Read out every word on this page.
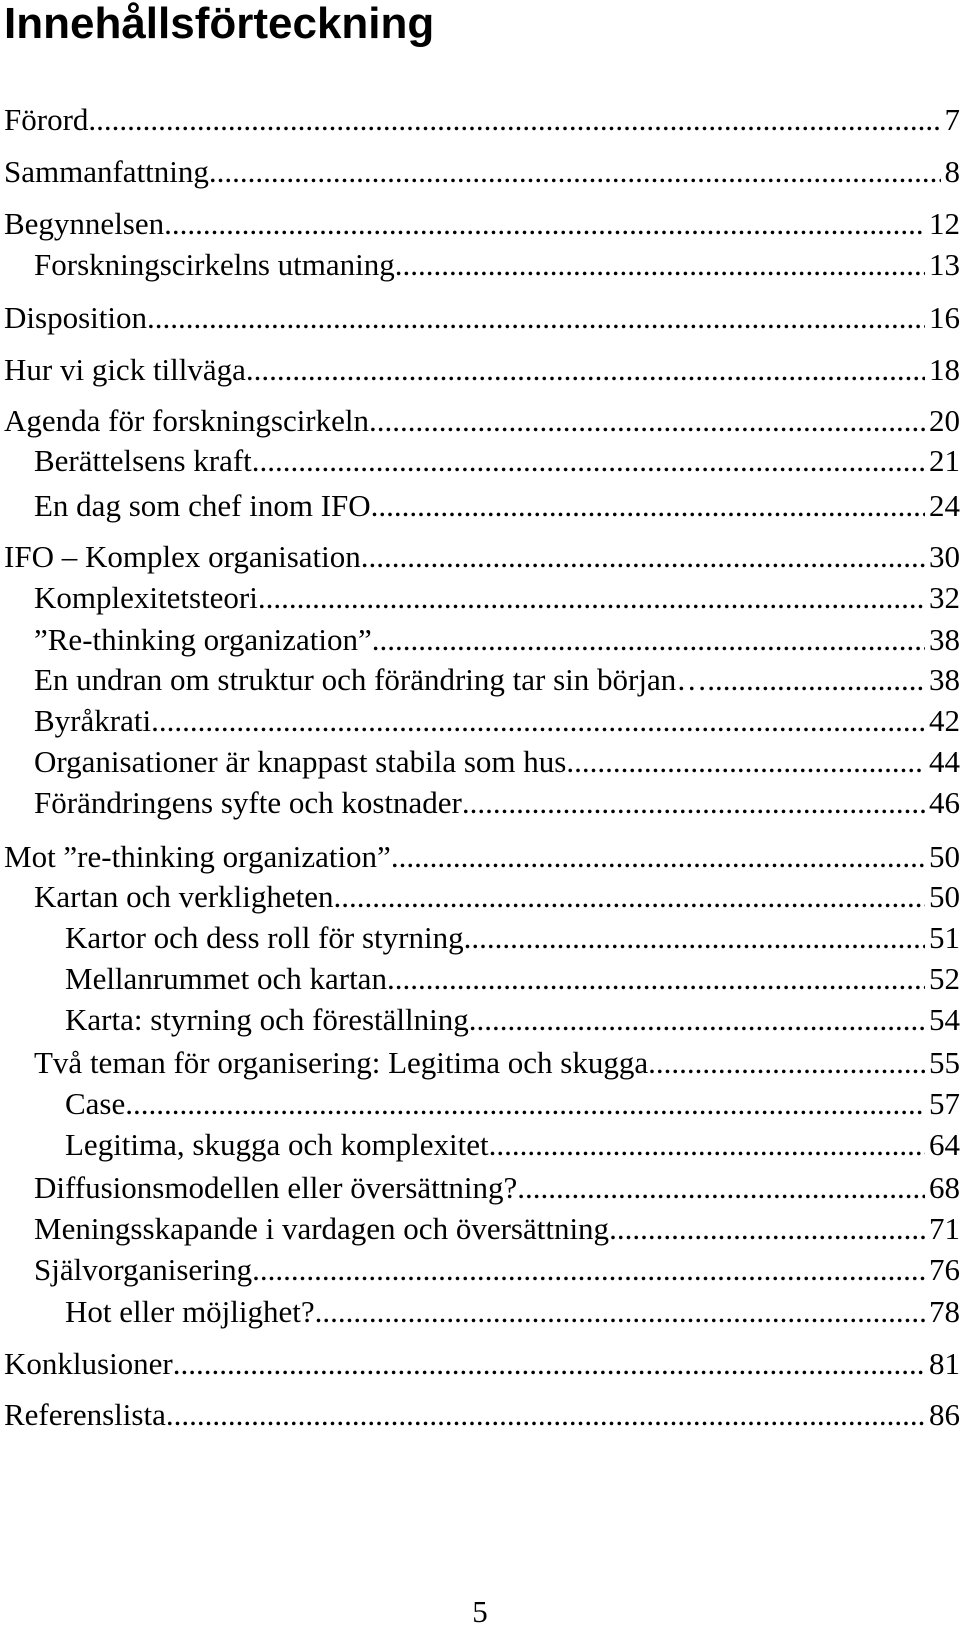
Innehållsförteckning
Förord .....	7
Sammanfattning .....	8
Begynnelsen .....	12
Forskningscirkelns utmaning .....	13
Disposition .....	16
Hur vi gick tillväga .....	18
Agenda för forskningscirkeln .....	20
Berättelsens kraft .....	21
En dag som chef inom IFO .....	24
IFO – Komplex organisation .....	30
Komplexitetsteori .....	32
”Re-thinking organization” .....	38
En undran om struktur och förändring tar sin början… .....	38
Byråkrati .....	42
Organisationer är knappast stabila som hus .....	44
Förändringens syfte och kostnader .....	46
Mot ”re-thinking organization” .....	50
Kartan och verkligheten .....	50
Kartor och dess roll för styrning .....	51
Mellanrummet och kartan .....	52
Karta: styrning och föreställning .....	54
Två teman för organisering: Legitima och skugga .....	55
Case .....	57
Legitima, skugga och komplexitet .....	64
Diffusionsmodellen eller översättning? .....	68
Meningsskapande i vardagen och översättning .....	71
Självorganisering .....	76
Hot eller möjlighet? .....	78
Konklusioner .....	81
Referenslista .....	86
5
